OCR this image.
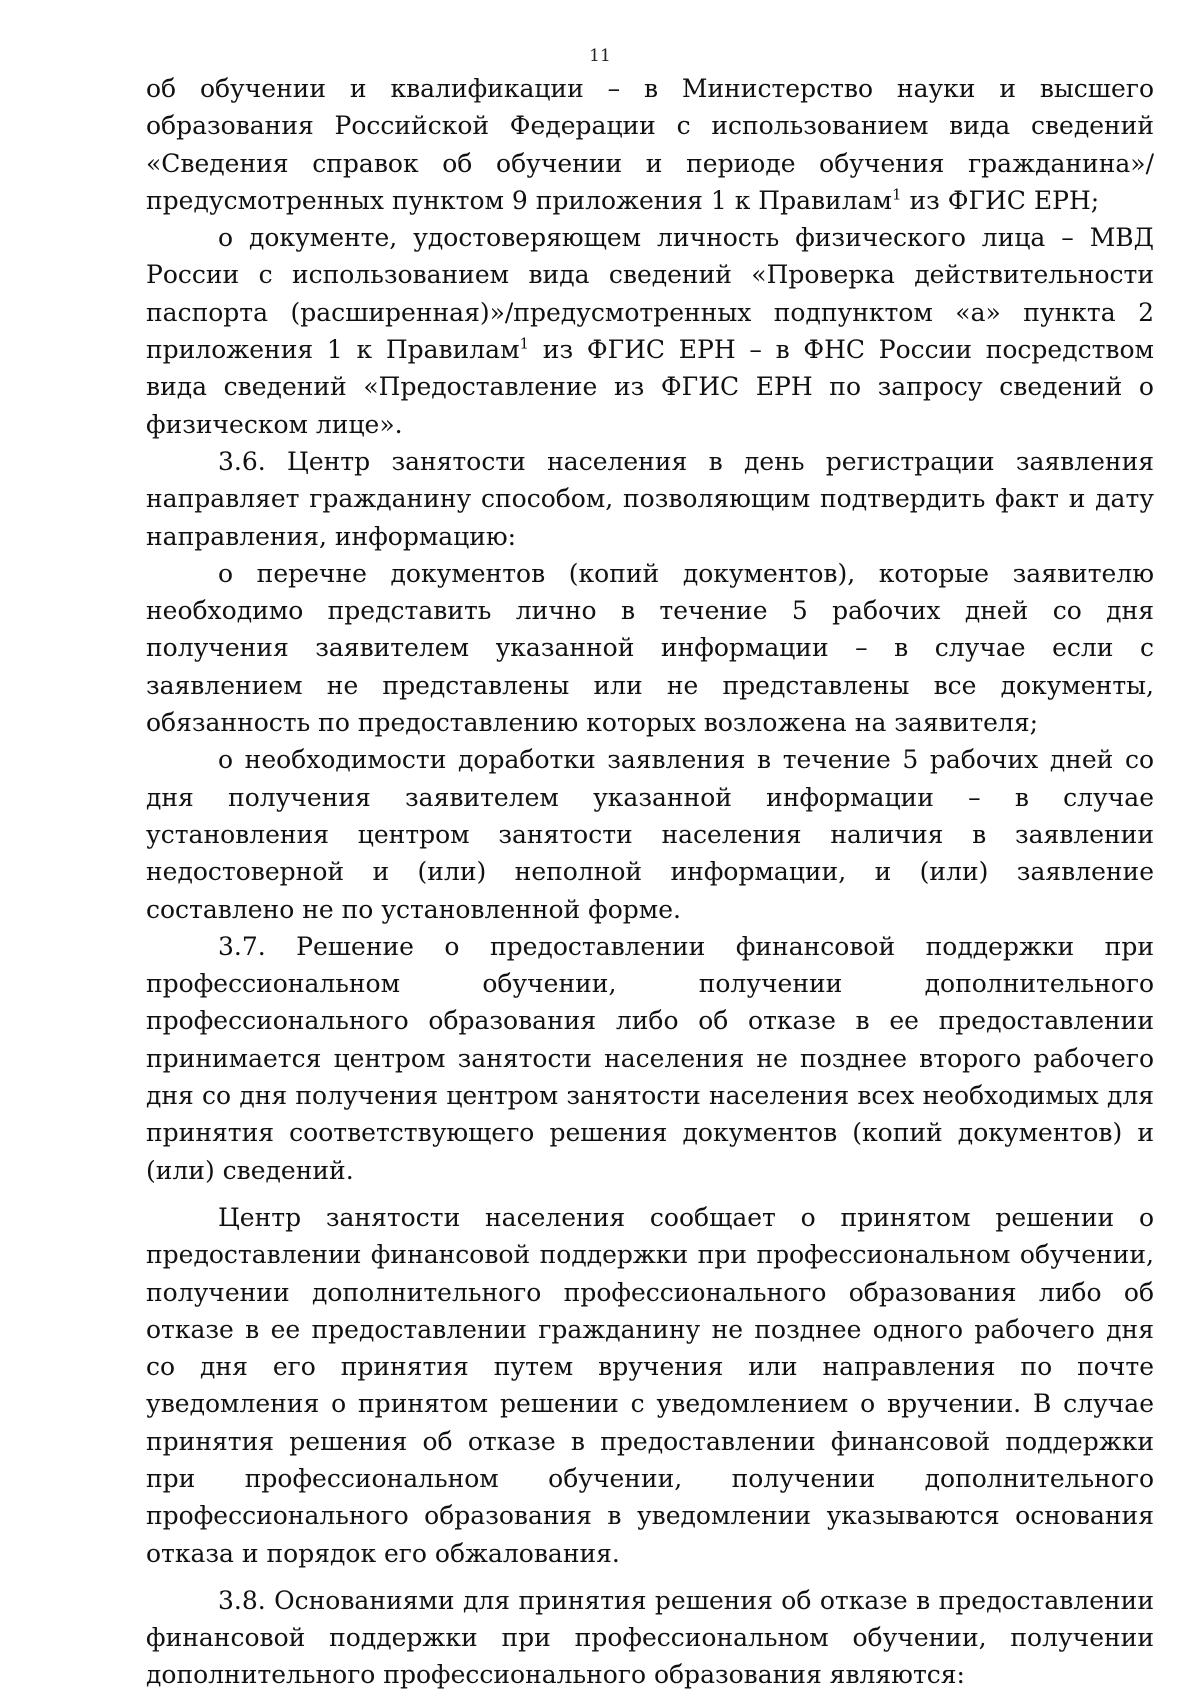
11

об обучении и квалификации – в Министерство науки и высшего образования Российской Федерации с использованием вида сведений «Сведения справок об обучении и периоде обучения гражданина»/предусмотренных пунктом 9 приложения 1 к Правилам$^1$ из ФГИС ЕРН;

о документе, удостоверяющем личность физического лица – МВД России с использованием вида сведений «Проверка действительности паспорта (расширенная)»/предусмотренных подпунктом «а» пункта 2 приложения 1 к Правилам$^1$ из ФГИС ЕРН – в ФНС России посредством вида сведений «Предоставление из ФГИС ЕРН по запросу сведений о физическом лице».

3.6. Центр занятости населения в день регистрации заявления направляет гражданину способом, позволяющим подтвердить факт и дату направления, информацию:

о перечне документов (копий документов), которые заявителю необходимо представить лично в течение 5 рабочих дней со дня получения заявителем указанной информации – в случае если с заявлением не представлены или не представлены все документы, обязанность по предоставлению которых возложена на заявителя;

о необходимости доработки заявления в течение 5 рабочих дней со дня получения заявителем указанной информации – в случае установления центром занятости населения наличия в заявлении недостоверной и (или) неполной информации, и (или) заявление составлено не по установленной форме.

3.7. Решение о предоставлении финансовой поддержки при профессиональном обучении, получении дополнительного профессионального образования либо об отказе в ее предоставлении принимается центром занятости населения не позднее второго рабочего дня со дня получения центром занятости населения всех необходимых для принятия соответствующего решения документов (копий документов) и (или) сведений.

Центр занятости населения сообщает о принятом решении о предоставлении финансовой поддержки при профессиональном обучении, получении дополнительного профессионального образования либо об отказе в ее предоставлении гражданину не позднее одного рабочего дня со дня его принятия путем вручения или направления по почте уведомления о принятом решении с уведомлением о вручении. В случае принятия решения об отказе в предоставлении финансовой поддержки при профессиональном обучении, получении дополнительного профессионального образования в уведомлении указываются основания отказа и порядок его обжалования.

3.8. Основаниями для принятия решения об отказе в предоставлении финансовой поддержки при профессиональном обучении, получении дополнительного профессионального образования являются:
